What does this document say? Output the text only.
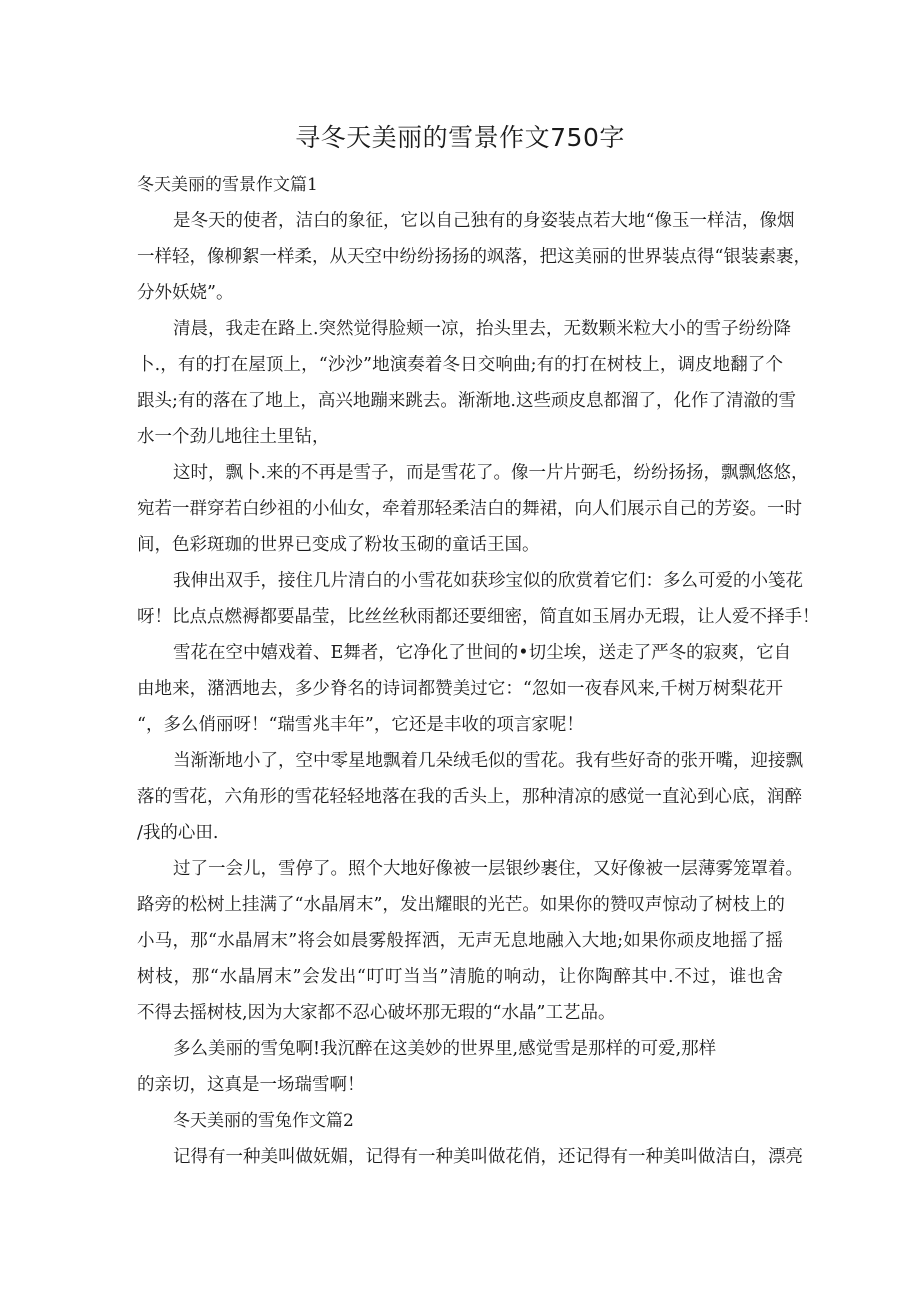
寻冬天美丽的雪景作文750字
冬天美丽的雪景作文篇1
是冬天的使者，洁白的象征，它以自己独有的身姿装点若大地“像玉一样洁，像烟
一样轻，像柳絮一样柔，从天空中纷纷扬扬的飒落，把这美丽的世界装点得“银装素裹，
分外妖娆”。
清晨，我走在路上.突然觉得脸颊一凉，抬头里去，无数颗米粒大小的雪子纷纷降
卜.，有的打在屋顶上，“沙沙”地演奏着冬日交响曲;有的打在树枝上，调皮地翻了个
跟头;有的落在了地上，高兴地蹦来跳去。渐渐地.这些顽皮息都溜了，化作了清澈的雪
水一个劲儿地往土里钻，
这时，飘卜.来的不再是雪子，而是雪花了。像一片片弼毛，纷纷扬扬，飘飘悠悠，
宛若一群穿若白纱祖的小仙女，牵着那轻柔洁白的舞裙，向人们展示自己的芳姿。一时
间，色彩斑珈的世界已变成了粉妆玉砌的童话王国。
我伸出双手，接住几片清白的小雪花如获珍宝似的欣赏着它们：多么可爱的小笺花
呀！比点点燃褥都要晶莹，比丝丝秋雨都还要细密，简直如玉屑办无瑕，让人爱不择手！
雪花在空中嬉戏着、E舞者，它净化了世间的•切尘埃，送走了严冬的寂爽，它自
由地来，潴洒地去，多少脊名的诗词都赞美过它：“忽如一夜春风来,千树万树梨花开
“，多么俏丽呀！“瑞雪兆丰年”，它还是丰收的项言家呢！
当渐渐地小了，空中零星地飘着几朵绒毛似的雪花。我有些好奇的张开嘴，迎接飘
落的雪花，六角形的雪花轻轻地落在我的舌头上，那种清凉的感觉一直沁到心底，润醉
/我的心田.
过了一会儿，雪停了。照个大地好像被一层银纱裹住，又好像被一层薄雾笼罩着。
路旁的松树上挂满了“水晶屑末”，发出耀眼的光芒。如果你的赞叹声惊动了树枝上的
小马，那“水晶屑末”将会如晨雾般挥洒，无声无息地融入大地;如果你顽皮地摇了摇
树枝，那“水晶屑末”会发出“叮叮当当”清脆的响动，让你陶醉其中.不过，谁也舍
不得去摇树枝,因为大家都不忍心破坏那无瑕的“水晶”工艺品。
多么美丽的雪兔啊!我沉醉在这美妙的世界里,感觉雪是那样的可爱,那样
的亲切，这真是一场瑞雪啊！
冬天美丽的雪兔作文篇2
记得有一种美叫做妩媚，记得有一种美叫做花俏，还记得有一种美叫做洁白，漂亮
